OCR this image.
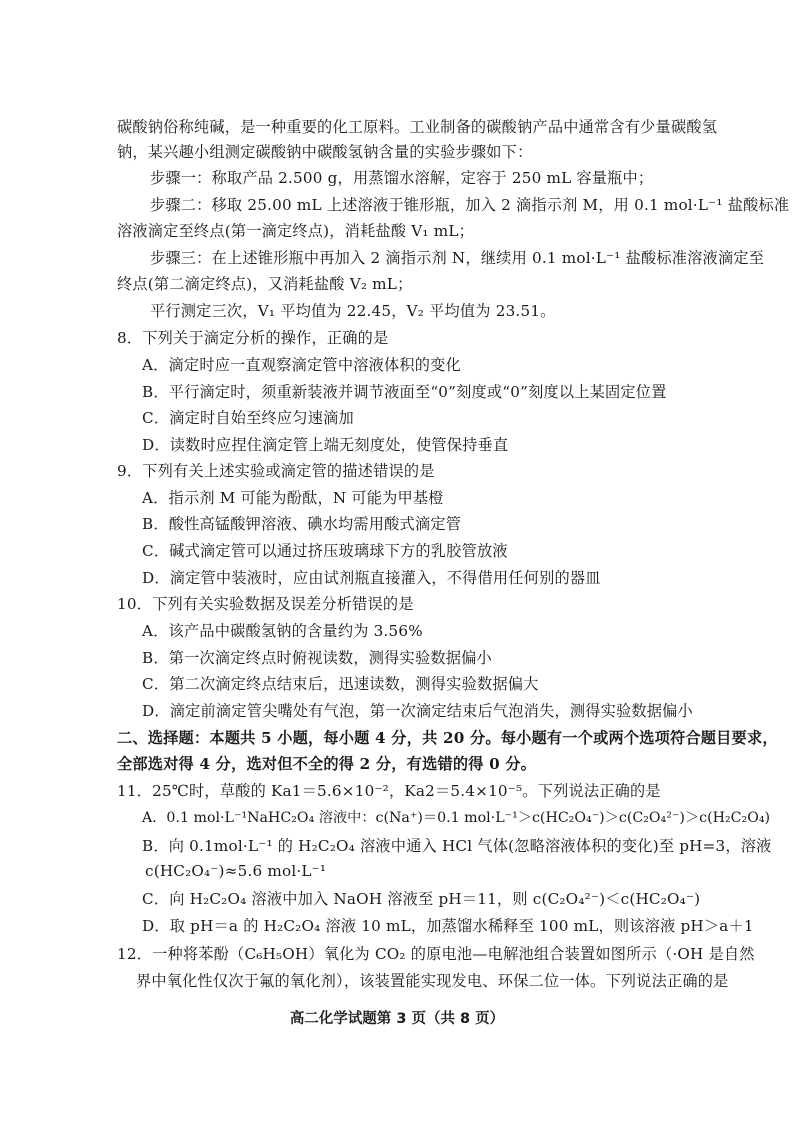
碳酸钠俗称纯碱，是一种重要的化工原料。工业制备的碳酸钠产品中通常含有少量碳酸氢
钠，某兴趣小组测定碳酸钠中碳酸氢钠含量的实验步骤如下：
步骤一：称取产品 2.500 g，用蒸馏水溶解，定容于 250 mL 容量瓶中；
步骤二：移取 25.00 mL 上述溶液于锥形瓶，加入 2 滴指示剂 M，用 0.1 mol·L⁻¹ 盐酸标准
溶液滴定至终点(第一滴定终点)，消耗盐酸 V₁ mL；
步骤三：在上述锥形瓶中再加入 2 滴指示剂 N，继续用 0.1 mol·L⁻¹ 盐酸标准溶液滴定至
终点(第二滴定终点)，又消耗盐酸 V₂ mL；
平行测定三次，V₁ 平均值为 22.45，V₂ 平均值为 23.51。
8．下列关于滴定分析的操作，正确的是
A．滴定时应一直观察滴定管中溶液体积的变化
B．平行滴定时，须重新装液并调节液面至“0”刻度或“0”刻度以上某固定位置
C．滴定时自始至终应匀速滴加
D．读数时应捏住滴定管上端无刻度处，使管保持垂直
9．下列有关上述实验或滴定管的描述错误的是
A．指示剂 M 可能为酚酞，N 可能为甲基橙
B．酸性高锰酸钾溶液、碘水均需用酸式滴定管
C．碱式滴定管可以通过挤压玻璃球下方的乳胶管放液
D．滴定管中装液时，应由试剂瓶直接灌入，不得借用任何别的器皿
10．下列有关实验数据及误差分析错误的是
A．该产品中碳酸氢钠的含量约为 3.56%
B．第一次滴定终点时俯视读数，测得实验数据偏小
C．第二次滴定终点结束后，迅速读数，测得实验数据偏大
D．滴定前滴定管尖嘴处有气泡，第一次滴定结束后气泡消失，测得实验数据偏小
二、选择题：本题共 5 小题，每小题 4 分，共 20 分。每小题有一个或两个选项符合题目要求，
全部选对得 4 分，选对但不全的得 2 分，有选错的得 0 分。
11．25℃时，草酸的 Ka1＝5.6×10⁻²，Ka2＝5.4×10⁻⁵。下列说法正确的是
A．0.1 mol·L⁻¹NaHC₂O₄ 溶液中：c(Na⁺)＝0.1 mol·L⁻¹＞c(HC₂O₄⁻)＞c(C₂O₄²⁻)＞c(H₂C₂O₄)
B．向 0.1mol·L⁻¹ 的 H₂C₂O₄ 溶液中通入 HCl 气体(忽略溶液体积的变化)至 pH=3，溶液
c(HC₂O₄⁻)≈5.6 mol·L⁻¹
C．向 H₂C₂O₄ 溶液中加入 NaOH 溶液至 pH＝11，则 c(C₂O₄²⁻)＜c(HC₂O₄⁻)
D．取 pH＝a 的 H₂C₂O₄ 溶液 10 mL，加蒸馏水稀释至 100 mL，则该溶液 pH＞a＋1
12．一种将苯酚（C₆H₅OH）氧化为 CO₂ 的原电池—电解池组合装置如图所示（·OH 是自然
界中氧化性仅次于氟的氧化剂），该装置能实现发电、环保二位一体。下列说法正确的是
高二化学试题第 3 页（共 8 页）
